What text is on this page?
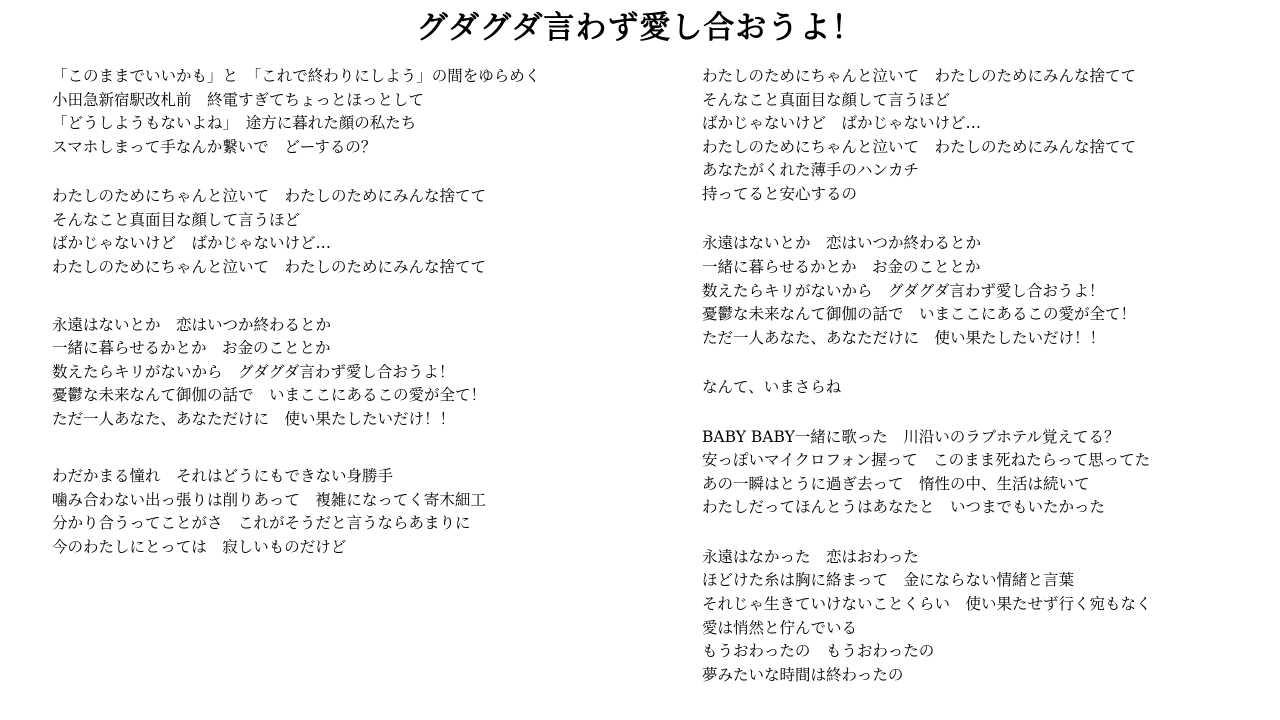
グダグダ言わず愛し合おうよ！
「このままでいいかも」と　「これで終わりにしよう」の間をゆらめく
小田急新宿駅改札前　終電すぎてちょっとほっとして
「どうしようもないよね」　途方に暮れた顔の私たち
スマホしまって手なんか繋いで　どーするの？
わたしのためにちゃんと泣いて　わたしのためにみんな捨てて
そんなこと真面目な顔して言うほど
ばかじゃないけど　ばかじゃないけど…
わたしのためにちゃんと泣いて　わたしのためにみんな捨てて
永遠はないとか　恋はいつか終わるとか
一緒に暮らせるかとか　お金のこととか
数えたらキリがないから　グダグダ言わず愛し合おうよ！
憂鬱な未来なんて御伽の話で　いまここにあるこの愛が全て！
ただ一人あなた、あなただけに　使い果たしたいだけ！！
わだかまる憧れ　それはどうにもできない身勝手
噛み合わない出っ張りは削りあって　複雑になってく寄木細工
分かり合うってことがさ　これがそうだと言うならあまりに
今のわたしにとっては　寂しいものだけど
わたしのためにちゃんと泣いて　わたしのためにみんな捨てて
そんなこと真面目な顔して言うほど
ばかじゃないけど　ばかじゃないけど…
わたしのためにちゃんと泣いて　わたしのためにみんな捨てて
あなたがくれた薄手のハンカチ
持ってると安心するの
永遠はないとか　恋はいつか終わるとか
一緒に暮らせるかとか　お金のこととか
数えたらキリがないから　グダグダ言わず愛し合おうよ！
憂鬱な未来なんて御伽の話で　いまここにあるこの愛が全て！
ただ一人あなた、あなただけに　使い果たしたいだけ！！
なんて、いまさらね
BABY BABY一緒に歌った　川沿いのラブホテル覚えてる？
安っぽいマイクロフォン握って　このまま死ねたらって思ってた
あの一瞬はとうに過ぎ去って　惰性の中、生活は続いて
わたしだってほんとうはあなたと　いつまでもいたかった
永遠はなかった　恋はおわった
ほどけた糸は胸に絡まって　金にならない情緒と言葉
それじゃ生きていけないことくらい　使い果たせず行く宛もなく
愛は悄然と佇んでいる
もうおわったの　もうおわったの
夢みたいな時間は終わったの
